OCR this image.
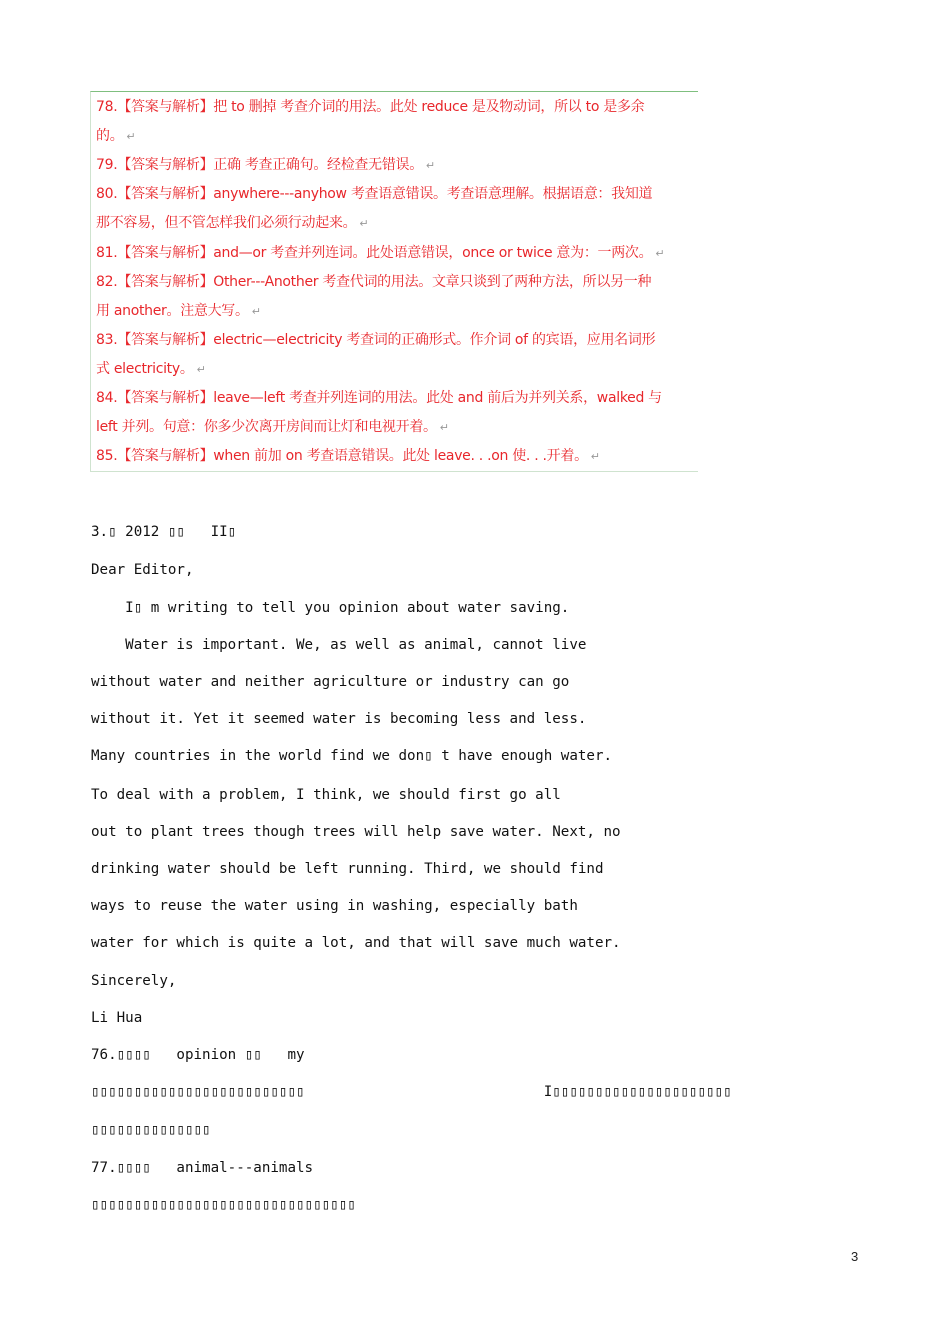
78.【答案与解析】把 to 删掉 考查介词的用法。此处 reduce 是及物动词，所以 to 是多余
的。 ↵
79.【答案与解析】正确 考查正确句。经检查无错误。 ↵
80.【答案与解析】anywhere---anyhow 考查语意错误。考查语意理解。根据语意：我知道
那不容易，但不管怎样我们必须行动起来。 ↵
81.【答案与解析】and—or 考查并列连词。此处语意错误，once or twice 意为：一两次。 ↵
82.【答案与解析】Other---Another 考查代词的用法。文章只谈到了两种方法，所以另一种
用 another。注意大写。 ↵
83.【答案与解析】electric—electricity 考查词的正确形式。作介词 of 的宾语，应用名词形
式 electricity。 ↵
84.【答案与解析】leave—left 考查并列连词的用法。此处 and 前后为并列关系，walked 与
left 并列。句意：你多少次离开房间而让灯和电视开着。 ↵
85.【答案与解析】when 前加 on 考查语意错误。此处 leave. . .on 使. . .开着。 ↵
3.▯ 2012 ▯▯   II▯
Dear Editor,
I▯ m writing to tell you opinion about water saving.
Water is important. We, as well as animal, cannot live
without water and neither agriculture or industry can go
without it. Yet it seemed water is becoming less and less.
Many countries in the world find we don▯ t have enough water.
To deal with a problem, I think, we should first go all
out to plant trees though trees will help save water. Next, no
drinking water should be left running. Third, we should find
ways to reuse the water using in washing, especially bath
water for which is quite a lot, and that will save much water.
Sincerely,
Li Hua
76.▯▯▯▯   opinion ▯▯   my
▯▯▯▯▯▯▯▯▯▯▯▯▯▯▯▯▯▯▯▯▯▯▯▯▯                            I▯▯▯▯▯▯▯▯▯▯▯▯▯▯▯▯▯▯▯▯▯
▯▯▯▯▯▯▯▯▯▯▯▯▯▯
77.▯▯▯▯   animal---animals
▯▯▯▯▯▯▯▯▯▯▯▯▯▯▯▯▯▯▯▯▯▯▯▯▯▯▯▯▯▯▯
3
